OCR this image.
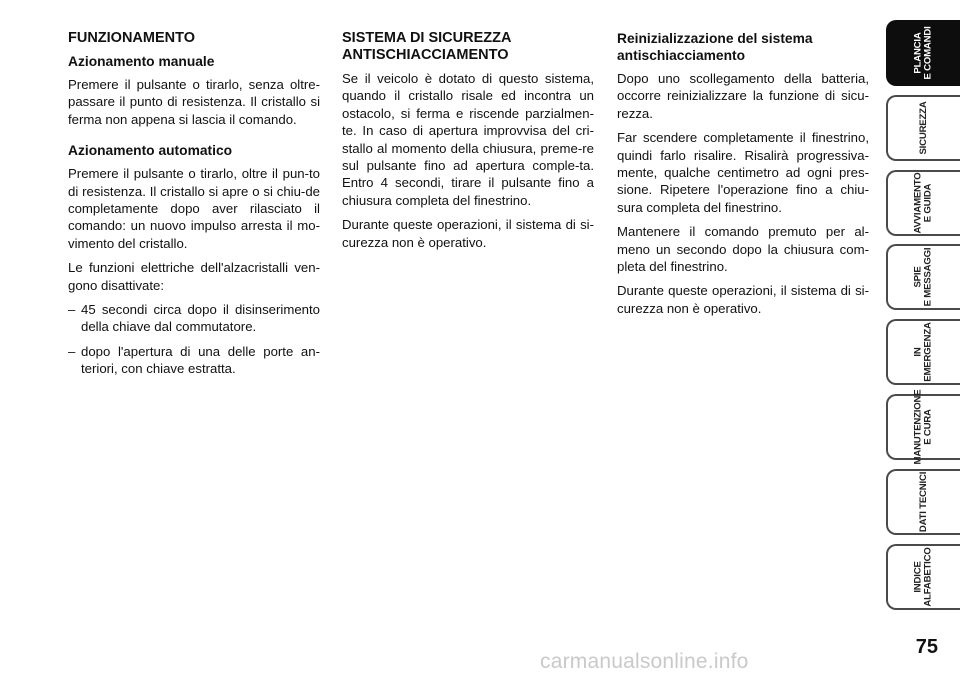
FUNZIONAMENTO
Azionamento manuale

Premere il pulsante o tirarlo, senza oltre-passare il punto di resistenza. Il cristallo si ferma non appena si lascia il comando.

Azionamento automatico

Premere il pulsante o tirarlo, oltre il pun-to di resistenza. Il cristallo si apre o si chiu-de completamente dopo aver rilasciato il comando: un nuovo impulso arresta il mo-vimento del cristallo.

Le funzioni elettriche dell'alzacristalli ven-gono disattivate:

– 45 secondi circa dopo il disinserimento della chiave dal commutatore.
– dopo l'apertura di una delle porte an-teriori, con chiave estratta.
SISTEMA DI SICUREZZA
ANTISCHIACCIAMENTO

Se il veicolo è dotato di questo sistema, quando il cristallo risale ed incontra un ostacolo, si ferma e riscende parzialmen-te. In caso di apertura improvvisa del cri-stallo al momento della chiusura, preme-re sul pulsante fino ad apertura comple-ta. Entro 4 secondi, tirare il pulsante fino a chiusura completa del finestrino.

Durante queste operazioni, il sistema di si-curezza non è operativo.

Reinizializzazione del sistema
antischiacciamento

Dopo uno scollegamento della batteria, occorre reinizializzare la funzione di sicu-rezza.

Far scendere completamente il finestrino, quindi farlo risalire. Risalirà progressiva-mente, qualche centimetro ad ogni pres-sione. Ripetere l'operazione fino a chiu-sura completa del finestrino.

Mantenere il comando premuto per al-meno un secondo dopo la chiusura com-pleta del finestrino.

Durante queste operazioni, il sistema di si-curezza non è operativo.

PLANCIA
E COMANDI
SICUREZZA
AVVIAMENTO
E GUIDA
SPIE
E MESSAGGI
IN
EMERGENZA
MANUTENZIONE
E CURA
DATI TECNICI
INDICE
ALFABETICO
75
carmanualsonline.info
